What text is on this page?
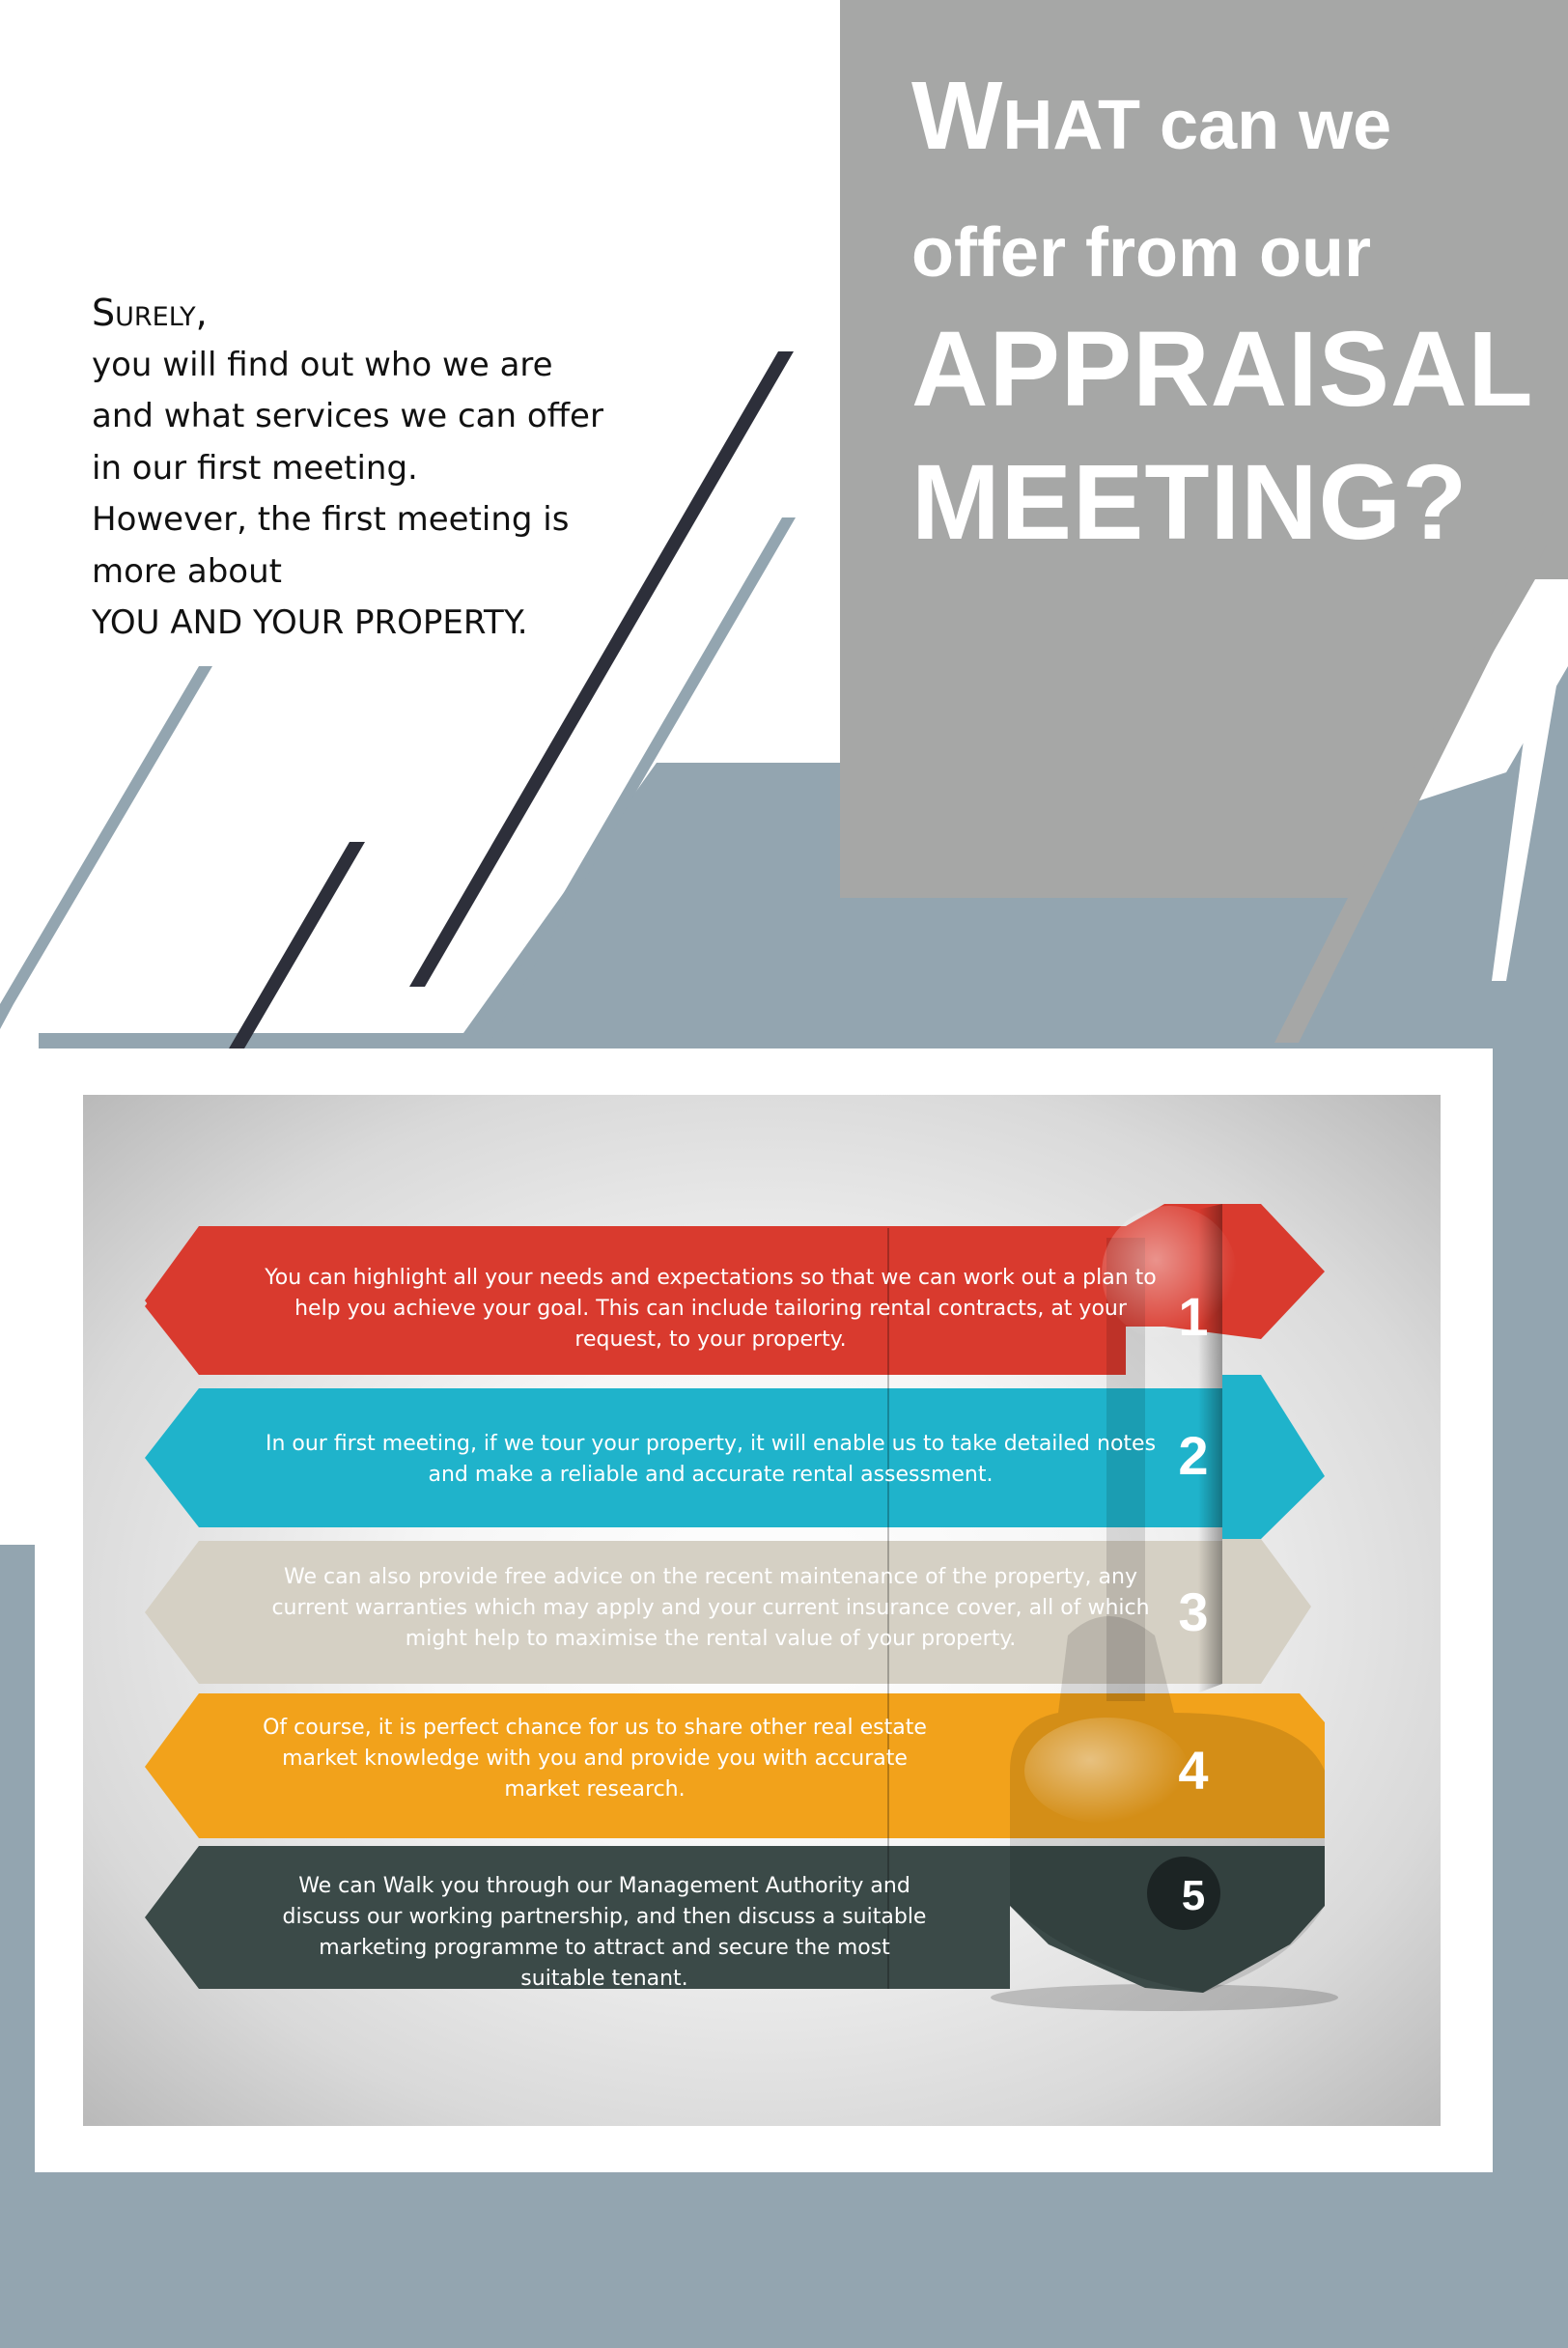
WHAT can we
offer from our
APPRAISAL
MEETING?
Surely,
you will find out who we are
and what services we can offer
in our first meeting.
However, the first meeting is
more about
YOU AND YOUR PROPERTY.
You can highlight all your needs and expectations so that we can work out a plan to help you achieve your goal. This can include tailoring rental contracts, at your request, to your property.
In our first meeting, if we tour your property, it will enable us to take detailed notes and make a reliable and accurate rental assessment.
We can also provide free advice on the recent maintenance of the property, any current warranties which may apply and your current insurance cover, all of which might help to maximise the rental value of your property.
Of course, it is perfect chance for us to share other real estate market knowledge with you and provide you with accurate market research.
We can Walk you through our Management Authority and discuss our working partnership, and then discuss a suitable marketing programme to attract and secure the most suitable tenant.
1
2
3
4
5
